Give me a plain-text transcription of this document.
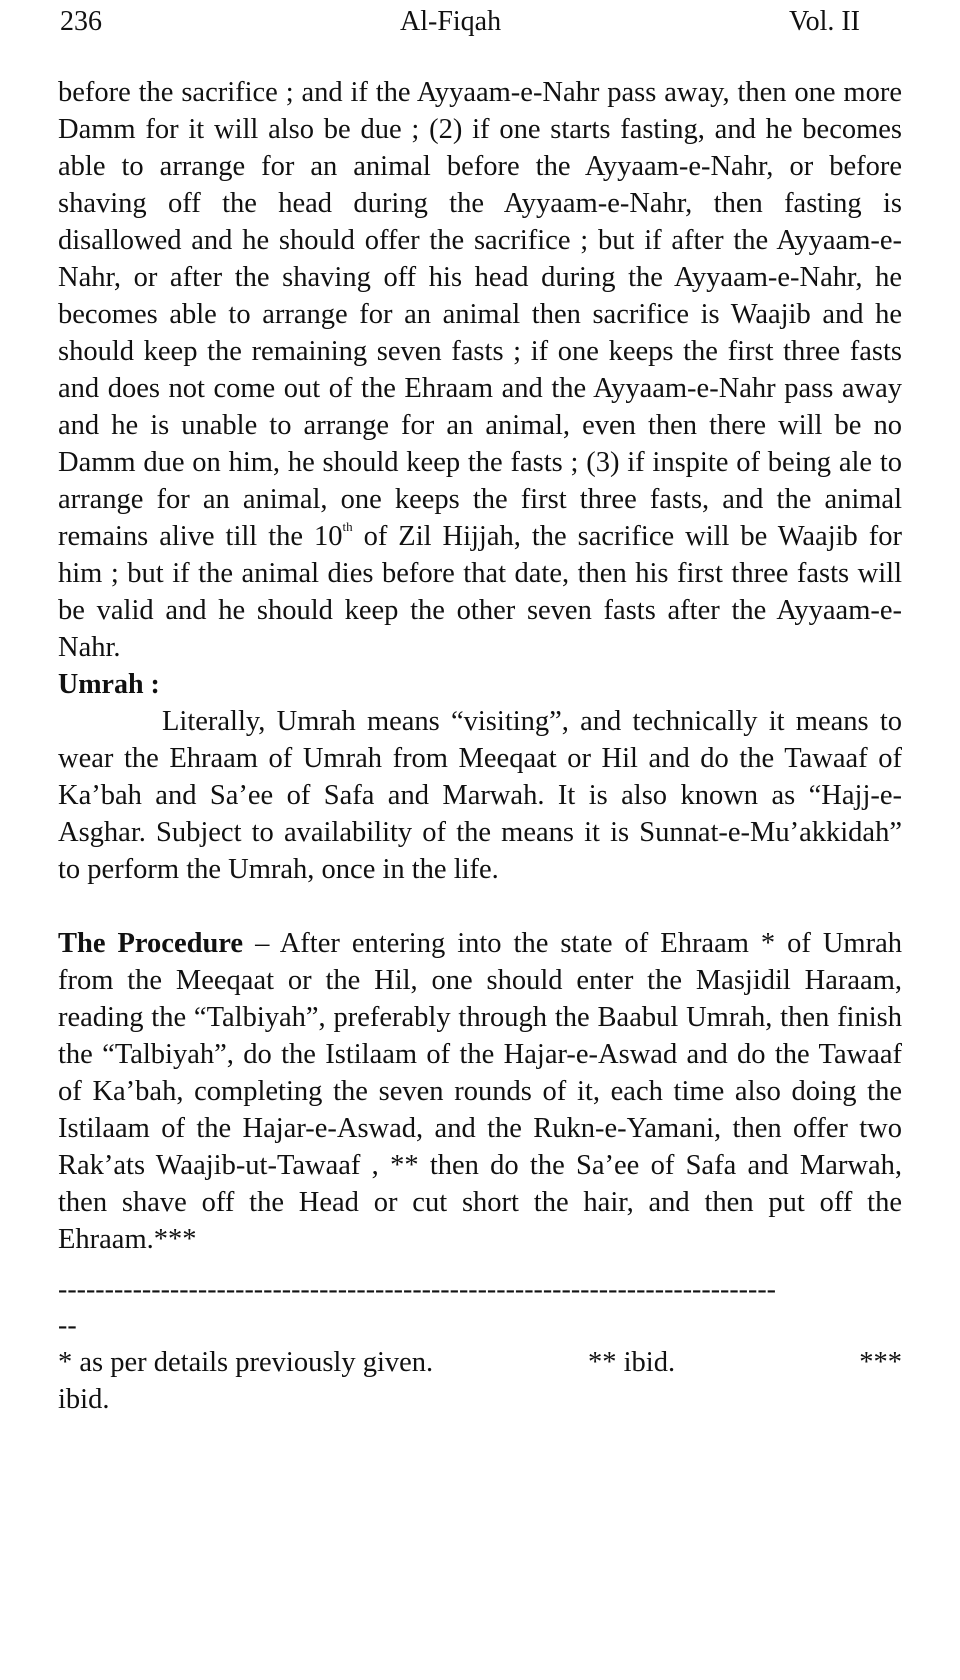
236	Al-Fiqah	Vol. II

before the sacrifice ; and if the Ayyaam-e-Nahr pass away, then one more Damm for it will also be due ; (2) if one starts fasting, and he becomes able to arrange for an animal before the Ayyaam-e-Nahr, or before shaving off the head during the Ayyaam-e-Nahr, then fasting is disallowed and he should offer the sacrifice ; but if after the Ayyaam-e-Nahr, or after the shaving off his head during the Ayyaam-e-Nahr, he becomes able to arrange for an animal then sacrifice is Waajib and he should keep the remaining seven fasts ; if one keeps the first three fasts and does not come out of the Ehraam and the Ayyaam-e-Nahr pass away and he is unable to arrange for an animal, even then there will be no Damm due on him, he should keep the fasts ; (3) if inspite of being ale to arrange for an animal, one keeps the first three fasts, and the animal remains alive till the 10th of Zil Hijjah, the sacrifice will be Waajib for him ; but if the animal dies before that date, then his first three fasts will be valid and he should keep the other seven fasts after the Ayyaam-e-Nahr.

Umrah :

Literally, Umrah means “visiting”, and technically it means to wear the Ehraam of Umrah from Meeqaat or Hil and do the Tawaaf of Ka’bah and Sa’ee of Safa and Marwah. It is also known as “Hajj-e-Asghar. Subject to availability of the means it is Sunnat-e-Mu’akkidah” to perform the Umrah, once in the life.

The Procedure – After entering into the state of Ehraam * of Umrah from the Meeqaat or the Hil, one should enter the Masjidil Haraam, reading the “Talbiyah”, preferably through the Baabul Umrah, then finish the “Talbiyah”, do the Istilaam of the Hajar-e-Aswad and do the Tawaaf of Ka’bah, completing the seven rounds of it, each time also doing the Istilaam of the Hajar-e-Aswad, and the Rukn-e-Yamani, then offer two Rak’ats Waajib-ut-Tawaaf , ** then do the Sa’ee of Safa and Marwah, then shave off the Head or cut short the hair, and then put off the Ehraam.***

-----------------------------------------------------------------------------
--
* as per details previously given.	** ibid.	***
ibid.
